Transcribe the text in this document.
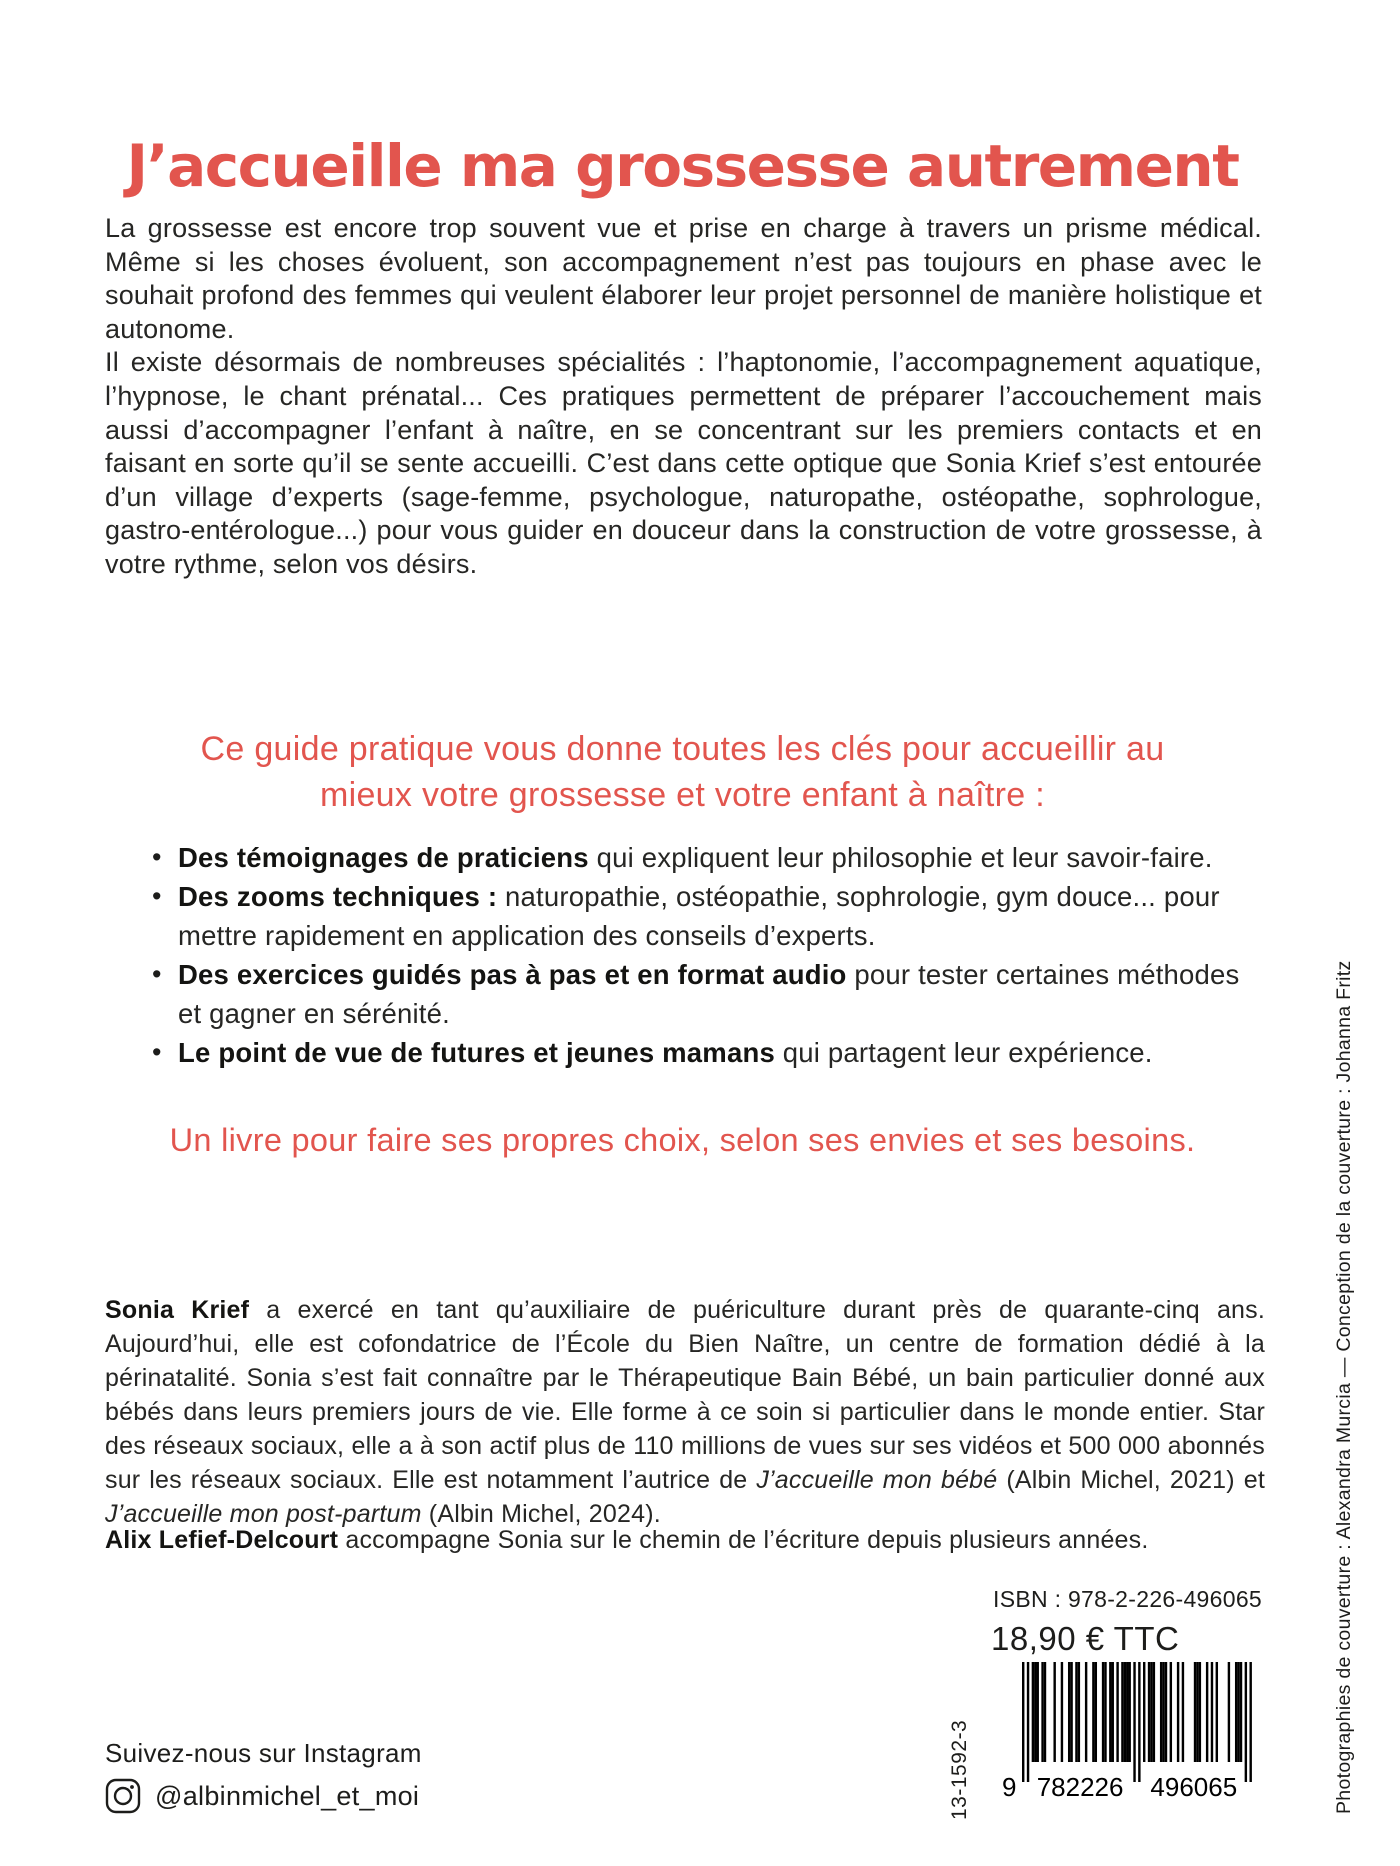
J’accueille ma grossesse autrement

La grossesse est encore trop souvent vue et prise en charge à travers un prisme médical. Même si les choses évoluent, son accompagnement n’est pas toujours en phase avec le souhait profond des femmes qui veulent élaborer leur projet personnel de manière holistique et autonome.

Il existe désormais de nombreuses spécialités : l’haptonomie, l’accompagnement aquatique, l’hypnose, le chant prénatal... Ces pratiques permettent de préparer l’accouchement mais aussi d’accompagner l’enfant à naître, en se concentrant sur les premiers contacts et en faisant en sorte qu’il se sente accueilli. C’est dans cette optique que Sonia Krief s’est entourée d’un village d’experts (sage-femme, psychologue, naturopathe, ostéopathe, sophrologue, gastro-entérologue...) pour vous guider en douceur dans la construction de votre grossesse, à votre rythme, selon vos désirs.

Ce guide pratique vous donne toutes les clés pour accueillir au mieux votre grossesse et votre enfant à naître :
• Des témoignages de praticiens qui expliquent leur philosophie et leur savoir-faire.
• Des zooms techniques : naturopathie, ostéopathie, sophrologie, gym douce... pour mettre rapidement en application des conseils d’experts.
• Des exercices guidés pas à pas et en format audio pour tester certaines méthodes et gagner en sérénité.
• Le point de vue de futures et jeunes mamans qui partagent leur expérience.
Un livre pour faire ses propres choix, selon ses envies et ses besoins.

Sonia Krief a exercé en tant qu’auxiliaire de puériculture durant près de quarante-cinq ans. Aujourd’hui, elle est cofondatrice de l’École du Bien Naître, un centre de formation dédié à la périnatalité. Sonia s’est fait connaître par le Thérapeutique Bain Bébé, un bain particulier donné aux bébés dans leurs premiers jours de vie. Elle forme à ce soin si particulier dans le monde entier. Star des réseaux sociaux, elle a à son actif plus de 110 millions de vues sur ses vidéos et 500 000 abonnés sur les réseaux sociaux. Elle est notamment l’autrice de J’accueille mon bébé (Albin Michel, 2021) et J’accueille mon post-partum (Albin Michel, 2024).

Alix Lefief-Delcourt accompagne Sonia sur le chemin de l’écriture depuis plusieurs années.

ISBN : 978-2-226-496065
18,90 € TTC
9 782226 496065
13-1592-3
Suivez-nous sur Instagram
@albinmichel_et_moi	Photographies de couverture : Alexandra Murcia — Conception de la couverture : Johanna Fritz
